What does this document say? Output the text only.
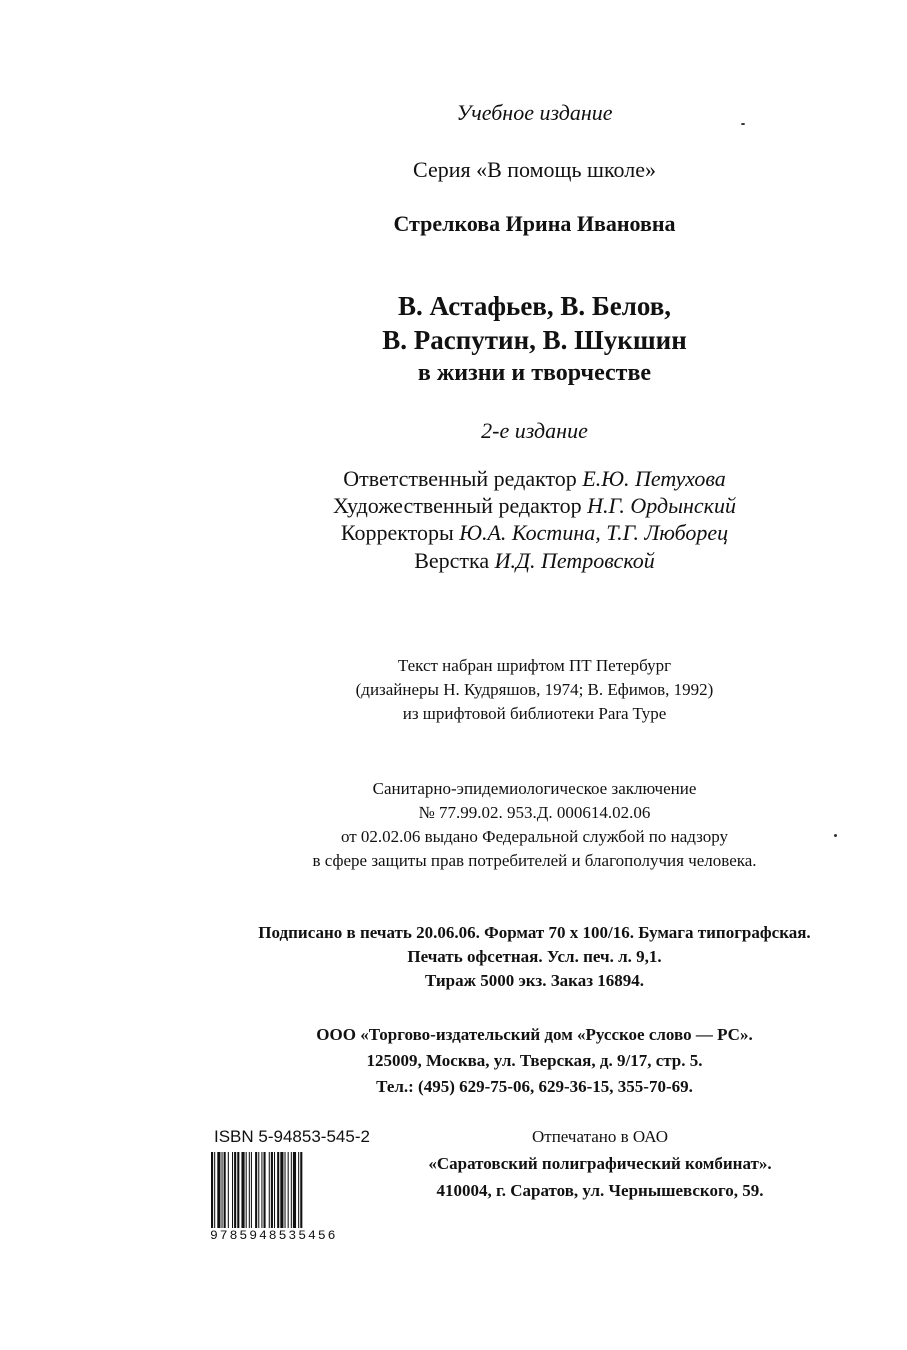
Учебное издание
Серия «В помощь школе»
Стрелкова Ирина Ивановна
В. Астафьев, В. Белов,
В. Распутин, В. Шукшин
в жизни и творчестве
2-е издание
Ответственный редактор Е.Ю. Петухова
Художественный редактор Н.Г. Ордынский
Корректоры Ю.А. Костина, Т.Г. Люборец
Верстка И.Д. Петровской
Текст набран шрифтом ПТ Петербург
(дизайнеры Н. Кудряшов, 1974; В. Ефимов, 1992)
из шрифтовой библиотеки Para Type
Санитарно-эпидемиологическое заключение
№ 77.99.02. 953.Д. 000614.02.06
от 02.02.06 выдано Федеральной службой по надзору
в сфере защиты прав потребителей и благополучия человека.
Подписано в печать 20.06.06. Формат 70 х 100/16. Бумага типографская.
Печать офсетная. Усл. печ. л. 9,1.
Тираж 5000 экз. Заказ 16894.
ООО «Торгово-издательский дом «Русское слово — РС».
125009, Москва, ул. Тверская, д. 9/17, стр. 5.
Тел.: (495) 629-75-06, 629-36-15, 355-70-69.
ISBN 5-94853-545-2
9785948535456
Отпечатано в ОАО
«Саратовский полиграфический комбинат».
410004, г. Саратов, ул. Чернышевского, 59.
